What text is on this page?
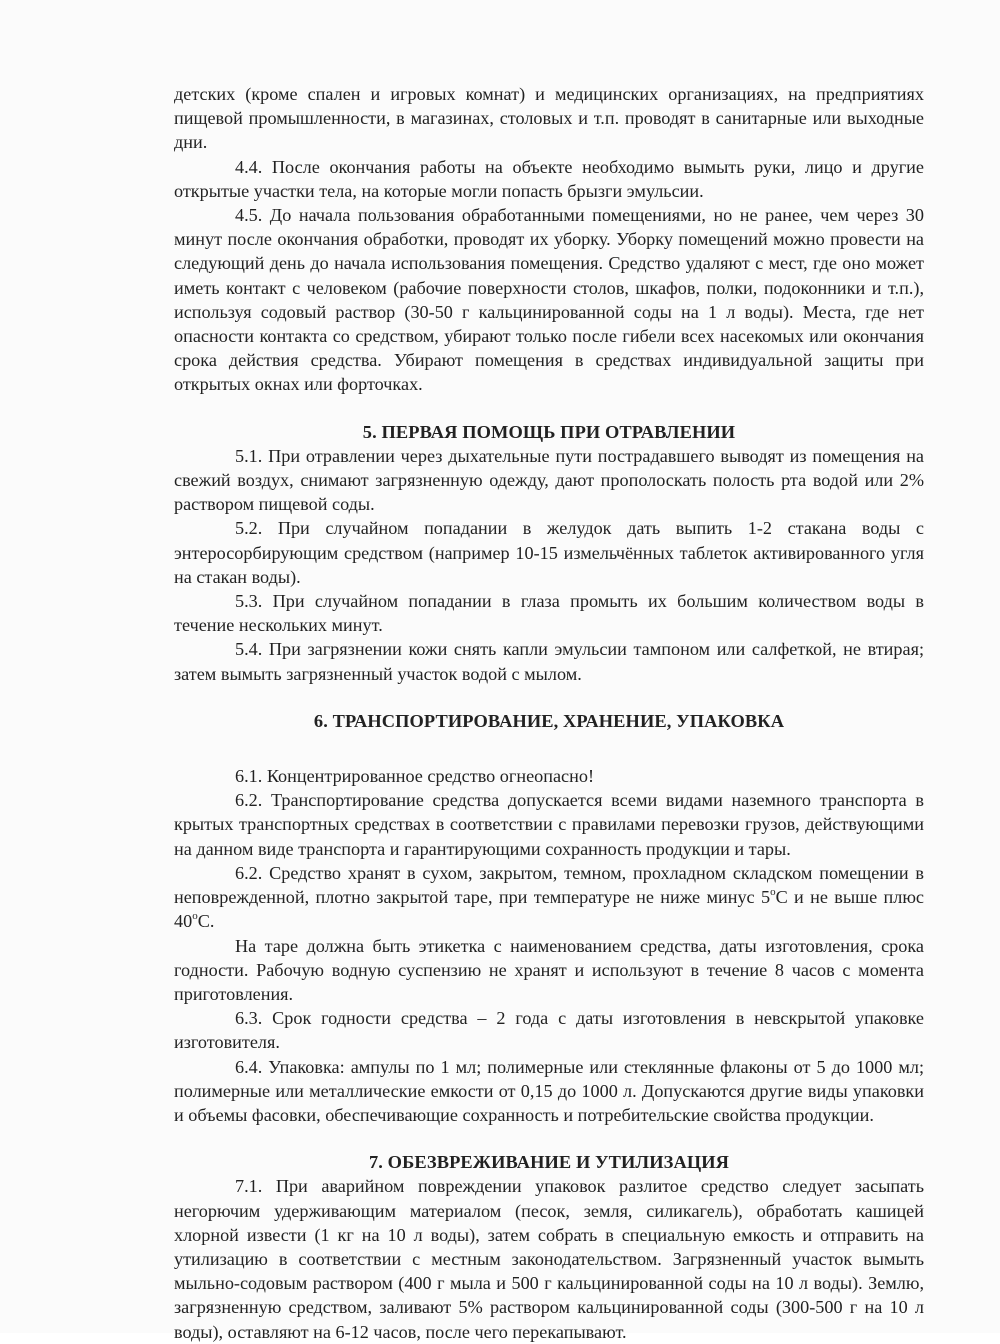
детских (кроме спален и игровых комнат) и медицинских организациях, на предприятиях пищевой промышленности, в магазинах, столовых и т.п. проводят в санитарные или выходные дни.

4.4. После окончания работы на объекте необходимо вымыть руки, лицо и другие открытые участки тела, на которые могли попасть брызги эмульсии.

4.5. До начала пользования обработанными помещениями, но не ранее, чем через 30 минут после окончания обработки, проводят их уборку. Уборку помещений можно провести на следующий день до начала использования помещения. Средство удаляют с мест, где оно может иметь контакт с человеком (рабочие поверхности столов, шкафов, полки, подоконники и т.п.), используя содовый раствор (30-50 г кальцинированной соды на 1 л воды). Места, где нет опасности контакта со средством, убирают только после гибели всех насекомых или окончания срока действия средства. Убирают помещения в средствах индивидуальной защиты при открытых окнах или форточках.

5. ПЕРВАЯ ПОМОЩЬ ПРИ ОТРАВЛЕНИИ

5.1. При отравлении через дыхательные пути пострадавшего выводят из помещения на свежий воздух, снимают загрязненную одежду, дают прополоскать полость рта водой или 2% раствором пищевой соды.

5.2. При случайном попадании в желудок дать выпить 1-2 стакана воды с энтеросорбирующим средством (например 10-15 измельчённых таблеток активированного угля на стакан воды).

5.3. При случайном попадании в глаза промыть их большим количеством воды в течение нескольких минут.

5.4. При загрязнении кожи снять капли эмульсии тампоном или салфеткой, не втирая; затем вымыть загрязненный участок водой с мылом.

6. ТРАНСПОРТИРОВАНИЕ, ХРАНЕНИЕ, УПАКОВКА

6.1. Концентрированное средство огнеопасно!

6.2. Транспортирование средства допускается всеми видами наземного транспорта в крытых транспортных средствах в соответствии с правилами перевозки грузов, действующими на данном виде транспорта и гарантирующими сохранность продукции и тары.

6.2. Средство хранят в сухом, закрытом, темном, прохладном складском помещении в неповрежденной, плотно закрытой таре, при температуре не ниже минус $5^оС$ и не выше плюс $40^оС$.

На таре должна быть этикетка с наименованием средства, даты изготовления, срока годности. Рабочую водную суспензию не хранят и используют в течение 8 часов с момента приготовления.

6.3. Срок годности средства – 2 года с даты изготовления в невскрытой упаковке изготовителя.

6.4. Упаковка: ампулы по 1 мл; полимерные или стеклянные флаконы от 5 до 1000 мл; полимерные или металлические емкости от 0,15 до 1000 л. Допускаются другие виды упаковки и объемы фасовки, обеспечивающие сохранность и потребительские свойства продукции.

7. ОБЕЗВРЕЖИВАНИЕ И УТИЛИЗАЦИЯ

7.1. При аварийном повреждении упаковок разлитое средство следует засыпать негорючим удерживающим материалом (песок, земля, силикагель), обработать кашицей хлорной извести (1 кг на 10 л воды), затем собрать в специальную емкость и отправить на утилизацию в соответствии с местным законодательством. Загрязненный участок вымыть мыльно-содовым раствором (400 г мыла и 500 г кальцинированной соды на 10 л воды). Землю, загрязненную средством, заливают 5% раствором кальцинированной соды (300-500 г на 10 л воды), оставляют на 6-12 часов, после чего перекапывают.
